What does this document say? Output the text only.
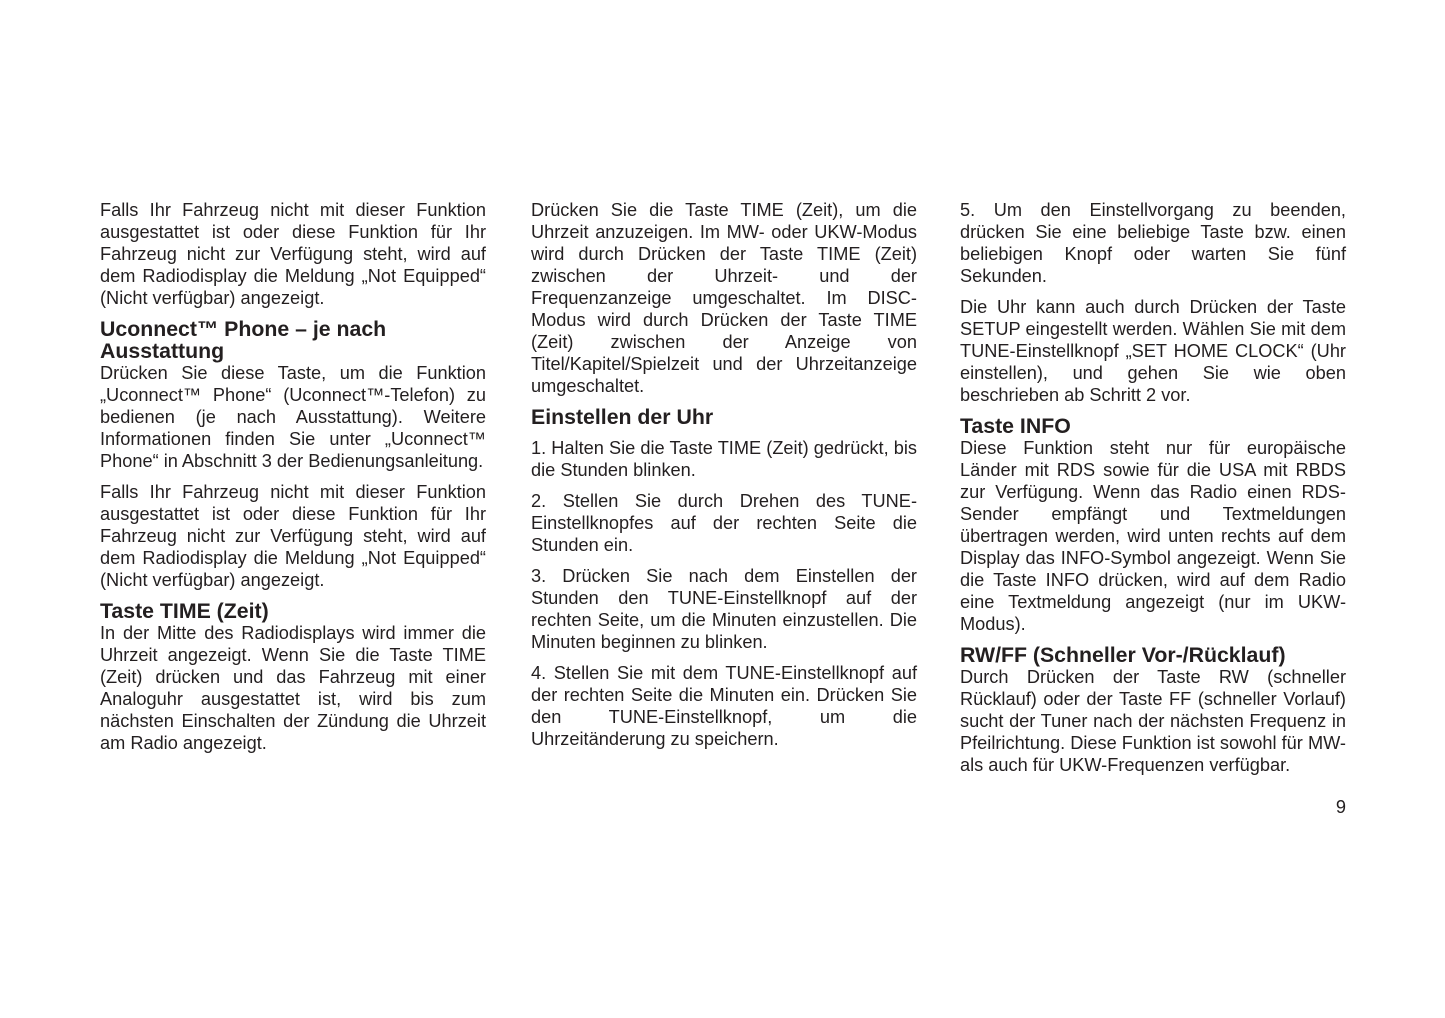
Falls Ihr Fahrzeug nicht mit dieser Funktion ausgestattet ist oder diese Funktion für Ihr Fahrzeug nicht zur Verfügung steht, wird auf dem Radiodisplay die Meldung „Not Equipped“ (Nicht verfügbar) angezeigt.

Uconnect™ Phone – je nach Ausstattung

Drücken Sie diese Taste, um die Funktion „Uconnect™ Phone“ (Uconnect™-Telefon) zu bedienen (je nach Ausstattung). Weitere Informationen finden Sie unter „Uconnect™ Phone“ in Abschnitt 3 der Bedienungsanleitung.

Falls Ihr Fahrzeug nicht mit dieser Funktion ausgestattet ist oder diese Funktion für Ihr Fahrzeug nicht zur Verfügung steht, wird auf dem Radiodisplay die Meldung „Not Equipped“ (Nicht verfügbar) angezeigt.

Taste TIME (Zeit)

In der Mitte des Radiodisplays wird immer die Uhrzeit angezeigt. Wenn Sie die Taste TIME (Zeit) drücken und das Fahrzeug mit einer Analoguhr ausgestattet ist, wird bis zum nächsten Einschalten der Zündung die Uhrzeit am Radio angezeigt.

Drücken Sie die Taste TIME (Zeit), um die Uhrzeit anzuzeigen. Im MW- oder UKW-Modus wird durch Drücken der Taste TIME (Zeit) zwischen der Uhrzeit- und der Frequenzanzeige umgeschaltet. Im DISC-Modus wird durch Drücken der Taste TIME (Zeit) zwischen der Anzeige von Titel/Kapitel/Spielzeit und der Uhrzeitanzeige umgeschaltet.

Einstellen der Uhr

1. Halten Sie die Taste TIME (Zeit) gedrückt, bis die Stunden blinken.

2. Stellen Sie durch Drehen des TUNE-Einstellknopfes auf der rechten Seite die Stunden ein.

3. Drücken Sie nach dem Einstellen der Stunden den TUNE-Einstellknopf auf der rechten Seite, um die Minuten einzustellen. Die Minuten beginnen zu blinken.

4. Stellen Sie mit dem TUNE-Einstellknopf auf der rechten Seite die Minuten ein. Drücken Sie den TUNE-Einstellknopf, um die Uhrzeitänderung zu speichern.

5. Um den Einstellvorgang zu beenden, drücken Sie eine beliebige Taste bzw. einen beliebigen Knopf oder warten Sie fünf Sekunden.

Die Uhr kann auch durch Drücken der Taste SETUP eingestellt werden. Wählen Sie mit dem TUNE-Einstellknopf „SET HOME CLOCK“ (Uhr einstellen), und gehen Sie wie oben beschrieben ab Schritt 2 vor.

Taste INFO

Diese Funktion steht nur für europäische Länder mit RDS sowie für die USA mit RBDS zur Verfügung. Wenn das Radio einen RDS-Sender empfängt und Textmeldungen übertragen werden, wird unten rechts auf dem Display das INFO-Symbol angezeigt. Wenn Sie die Taste INFO drücken, wird auf dem Radio eine Textmeldung angezeigt (nur im UKW-Modus).

RW/FF (Schneller Vor-/Rücklauf)

Durch Drücken der Taste RW (schneller Rücklauf) oder der Taste FF (schneller Vorlauf) sucht der Tuner nach der nächsten Frequenz in Pfeilrichtung. Diese Funktion ist sowohl für MW- als auch für UKW-Frequenzen verfügbar.

9
